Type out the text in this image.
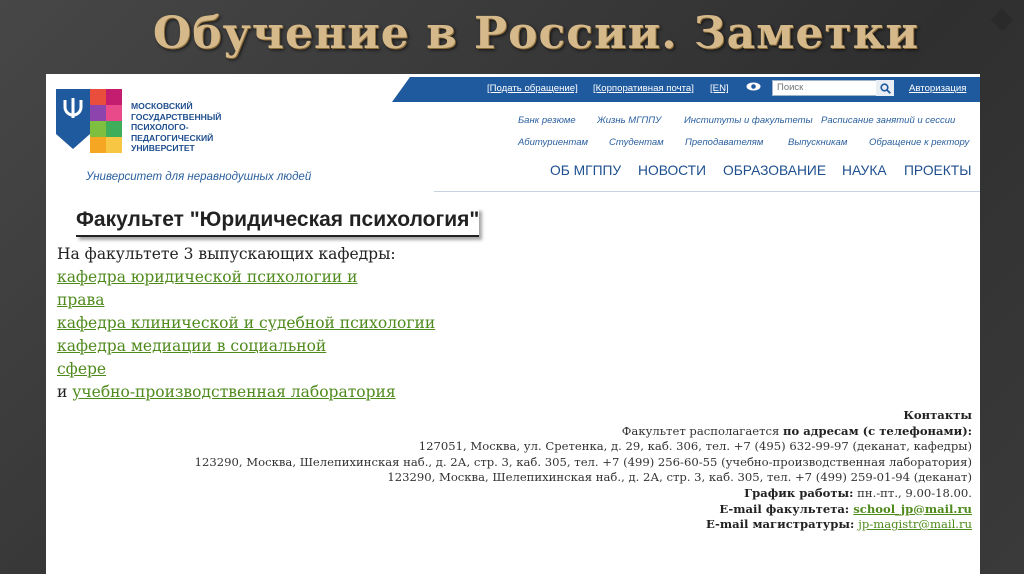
Обучение в России. Заметки
МОСКОВСКИЙ
ГОСУДАРСТВЕННЫЙ
ПСИХОЛОГО-
ПЕДАГОГИЧЕСКИЙ
УНИВЕРСИТЕТ
Университет для неравнодушных людей
[Подать обращение] [Корпоративная почта] [EN]
Поиск	Авторизация
Банк резюме Жизнь МГППУ Институты и факультеты Расписание занятий и сессии
Абитуриентам Студентам Преподавателям	Выпускникам Обращение к ректору
ОБ МГППУ НОВОСТИ ОБРАЗОВАНИЕ НАУКА ПРОЕКТЫ
Факультет "Юридическая психология"
На факультете 3 выпускающих кафедры:
кафедра юридической психологии и
права
кафедра клинической и судебной психологии
кафедра медиации в социальной
сфере
и учебно-производственная лаборатория
Контакты
Факультет располагается по адресам (с телефонами):
127051, Москва, ул. Сретенка, д. 29, каб. 306, тел. +7 (495) 632-99-97 (деканат, кафедры)
123290, Москва, Шелепихинская наб., д. 2А, стр. 3, каб. 305, тел. +7 (499) 256-60-55 (учебно-производственная лаборатория)
123290, Москва, Шелепихинская наб., д. 2А, стр. 3, каб. 305, тел. +7 (499) 259-01-94 (деканат)
График работы: пн.-пт., 9.00-18.00.
E-mail факультета: school_jp@mail.ru
E-mail магистратуры: jp-magistr@mail.ru
